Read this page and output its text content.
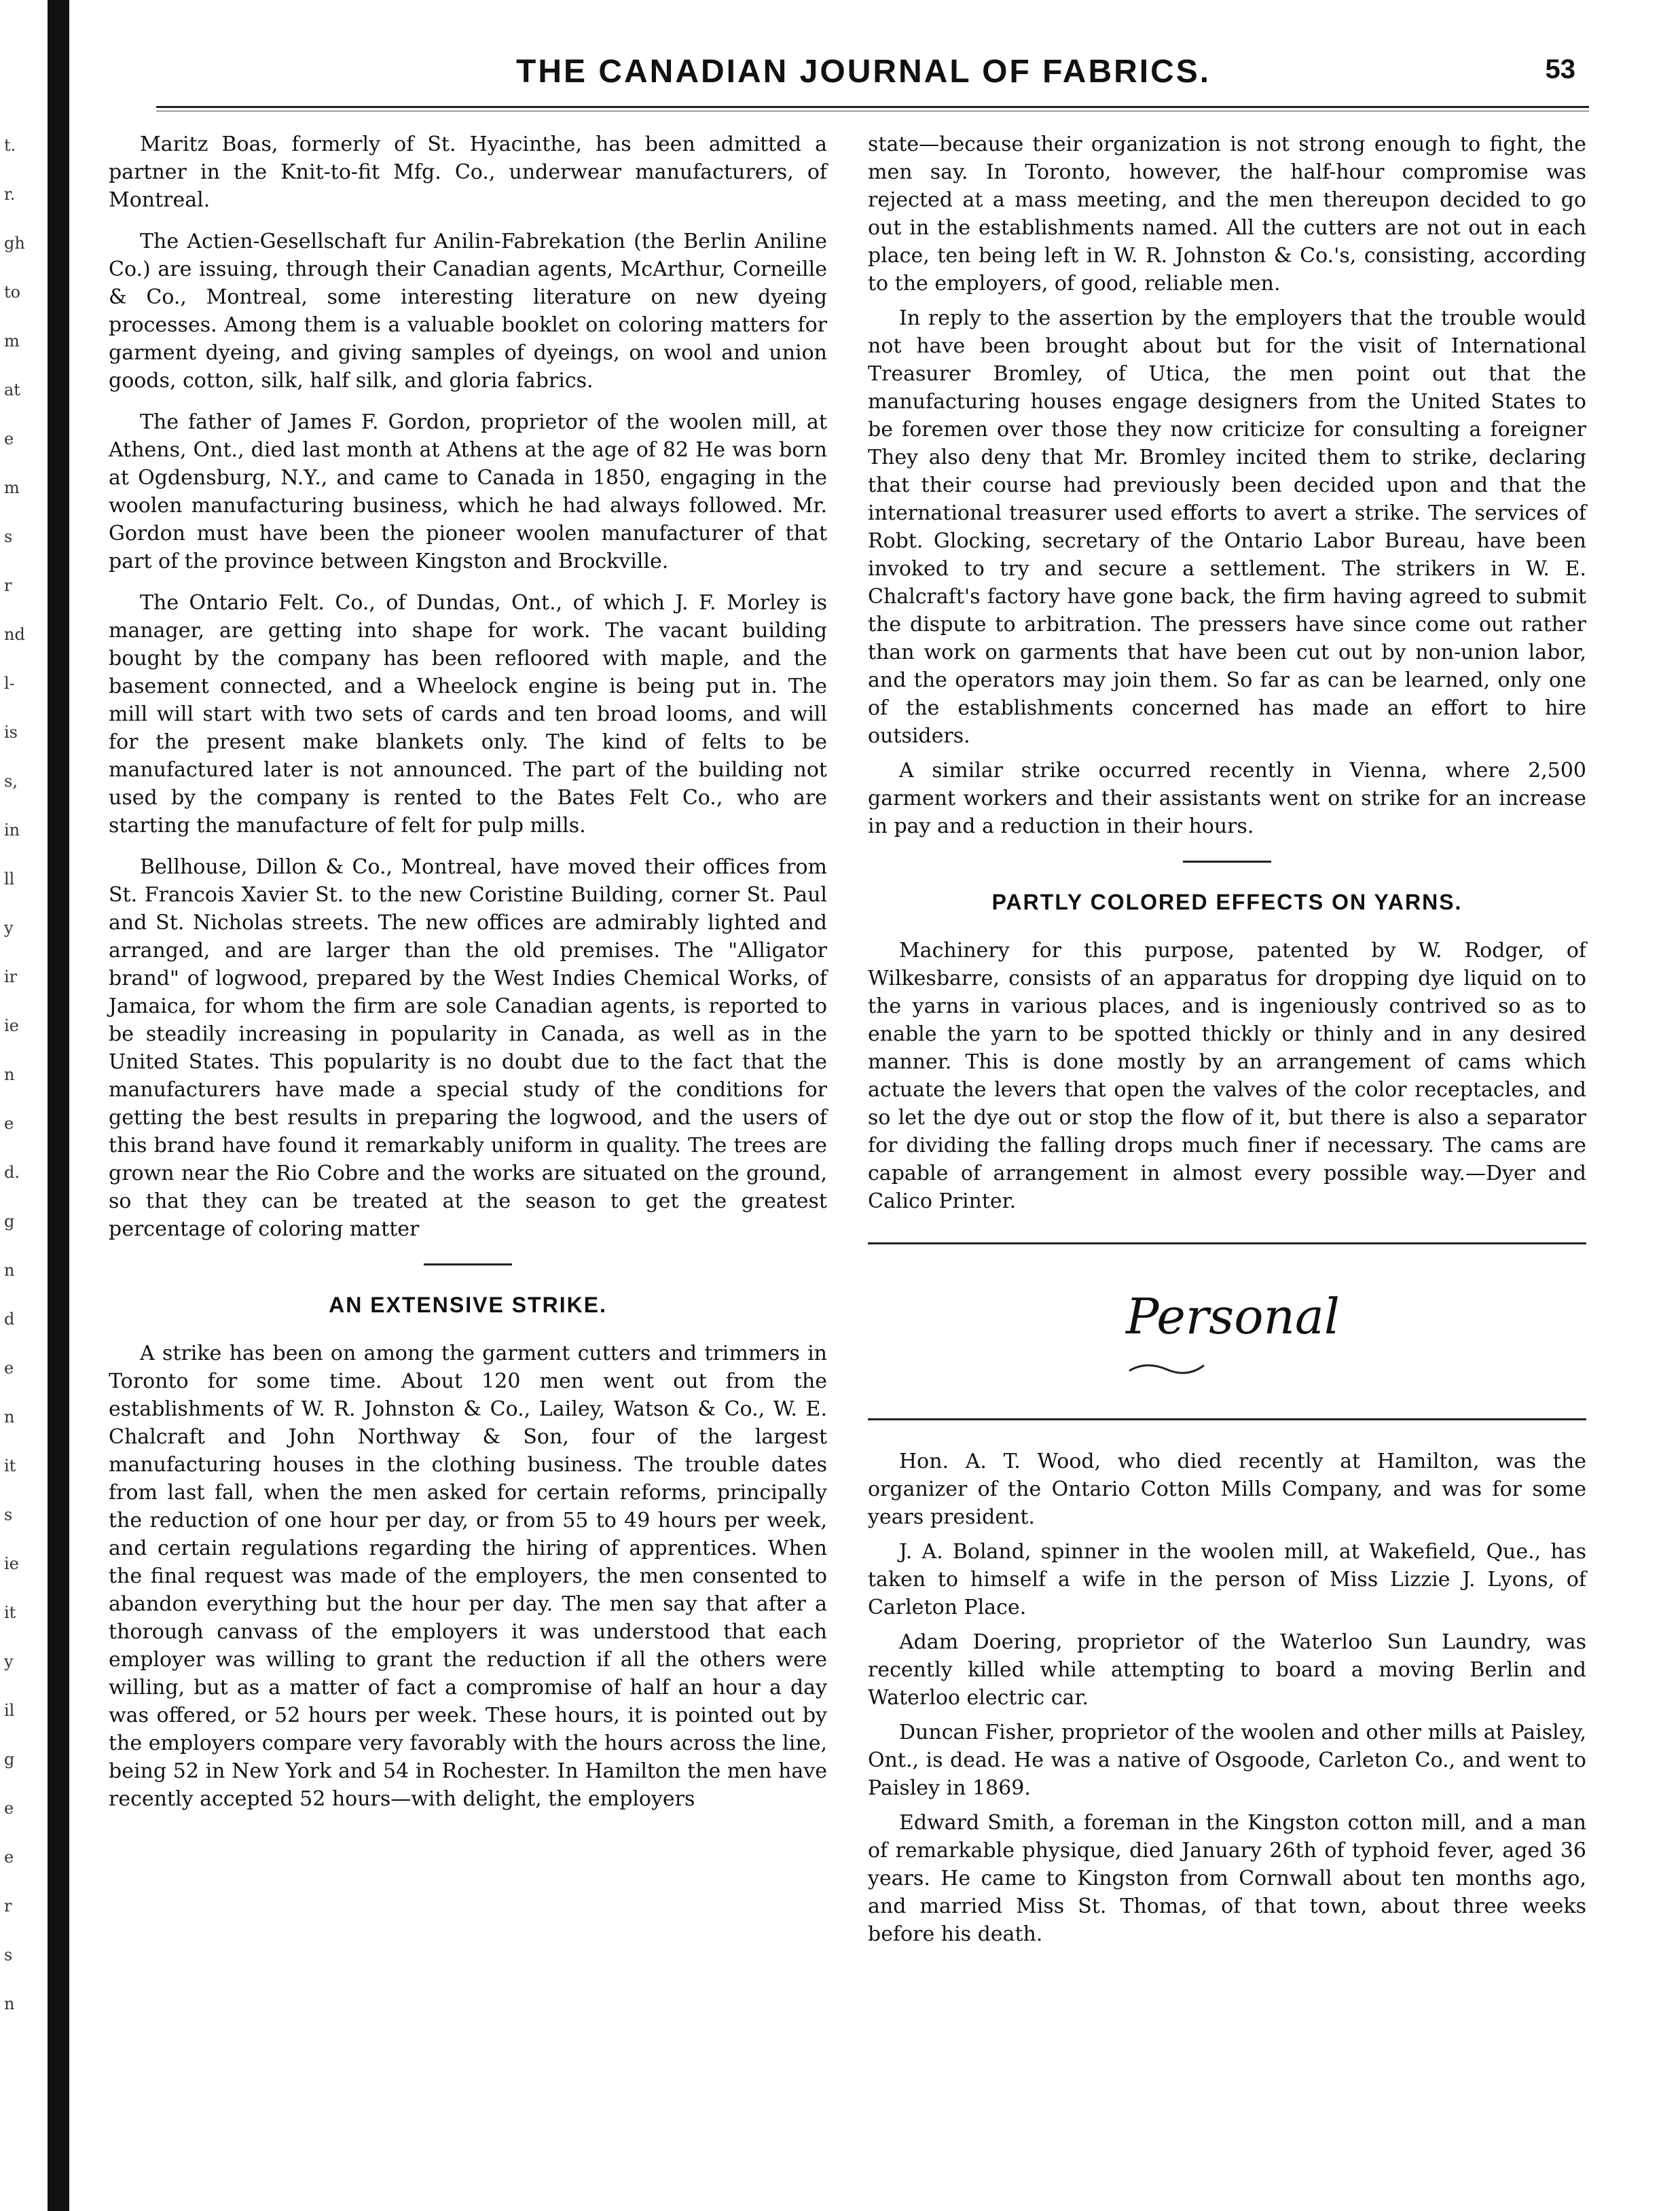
t.
r.
gh
to
m
at
e
m
s
r
nd
l-
is
s,
in
ll
y
ir
ie
n
e
d.
g
n
d
e
n
it
s
ie
it
y
il
g
e
e
r
s
n
THE CANADIAN JOURNAL OF FABRICS.	53

Maritz Boas, formerly of St. Hyacinthe, has been admitted a partner in the Knit-to-fit Mfg. Co., underwear manufacturers, of Montreal.

The Actien-Gesellschaft fur Anilin-Fabrekation (the Berlin Aniline Co.) are issuing, through their Canadian agents, McArthur, Corneille & Co., Montreal, some interesting literature on new dyeing processes. Among them is a valuable booklet on coloring matters for garment dyeing, and giving samples of dyeings, on wool and union goods, cotton, silk, half silk, and gloria fabrics.

The father of James F. Gordon, proprietor of the woolen mill, at Athens, Ont., died last month at Athens at the age of 82 He was born at Ogdensburg, N.Y., and came to Canada in 1850, engaging in the woolen manufacturing business, which he had always followed. Mr. Gordon must have been the pioneer woolen manufacturer of that part of the province between Kingston and Brockville.

The Ontario Felt. Co., of Dundas, Ont., of which J. F. Morley is manager, are getting into shape for work. The vacant building bought by the company has been refloored with maple, and the basement connected, and a Wheelock engine is being put in. The mill will start with two sets of cards and ten broad looms, and will for the present make blankets only. The kind of felts to be manufactured later is not announced. The part of the building not used by the company is rented to the Bates Felt Co., who are starting the manufacture of felt for pulp mills.

Bellhouse, Dillon & Co., Montreal, have moved their offices from St. Francois Xavier St. to the new Coristine Building, corner St. Paul and St. Nicholas streets. The new offices are admirably lighted and arranged, and are larger than the old premises. The "Alligator brand" of logwood, prepared by the West Indies Chemical Works, of Jamaica, for whom the firm are sole Canadian agents, is reported to be steadily increasing in popularity in Canada, as well as in the United States. This popularity is no doubt due to the fact that the manufacturers have made a special study of the conditions for getting the best results in preparing the logwood, and the users of this brand have found it remarkably uniform in quality. The trees are grown near the Rio Cobre and the works are situated on the ground, so that they can be treated at the season to get the greatest percentage of coloring matter

AN EXTENSIVE STRIKE.

A strike has been on among the garment cutters and trimmers in Toronto for some time. About 120 men went out from the establishments of W. R. Johnston & Co., Lailey, Watson & Co., W. E. Chalcraft and John Northway & Son, four of the largest manufacturing houses in the clothing business. The trouble dates from last fall, when the men asked for certain reforms, principally the reduction of one hour per day, or from 55 to 49 hours per week, and certain regulations regarding the hiring of apprentices. When the final request was made of the employers, the men consented to abandon everything but the hour per day. The men say that after a thorough canvass of the employers it was understood that each employer was willing to grant the reduction if all the others were willing, but as a matter of fact a compromise of half an hour a day was offered, or 52 hours per week. These hours, it is pointed out by the employers compare very favorably with the hours across the line, being 52 in New York and 54 in Rochester. In Hamilton the men have recently accepted 52 hours—with delight, the employers

state—because their organization is not strong enough to fight, the men say. In Toronto, however, the half-hour compromise was rejected at a mass meeting, and the men thereupon decided to go out in the establishments named. All the cutters are not out in each place, ten being left in W. R. Johnston & Co.'s, consisting, according to the employers, of good, reliable men.

In reply to the assertion by the employers that the trouble would not have been brought about but for the visit of International Treasurer Bromley, of Utica, the men point out that the manufacturing houses engage designers from the United States to be foremen over those they now criticize for consulting a foreigner They also deny that Mr. Bromley incited them to strike, declaring that their course had previously been decided upon and that the international treasurer used efforts to avert a strike. The services of Robt. Glocking, secretary of the Ontario Labor Bureau, have been invoked to try and secure a settlement. The strikers in W. E. Chalcraft's factory have gone back, the firm having agreed to submit the dispute to arbitration. The pressers have since come out rather than work on garments that have been cut out by non-union labor, and the operators may join them. So far as can be learned, only one of the establishments concerned has made an effort to hire outsiders.

A similar strike occurred recently in Vienna, where 2,500 garment workers and their assistants went on strike for an increase in pay and a reduction in their hours.

PARTLY COLORED EFFECTS ON YARNS.

Machinery for this purpose, patented by W. Rodger, of Wilkesbarre, consists of an apparatus for dropping dye liquid on to the yarns in various places, and is ingeniously contrived so as to enable the yarn to be spotted thickly or thinly and in any desired manner. This is done mostly by an arrangement of cams which actuate the levers that open the valves of the color receptacles, and so let the dye out or stop the flow of it, but there is also a separator for dividing the falling drops much finer if necessary. The cams are capable of arrangement in almost every possible way.—Dyer and Calico Printer.

Personal

Hon. A. T. Wood, who died recently at Hamilton, was the organizer of the Ontario Cotton Mills Company, and was for some years president.

J. A. Boland, spinner in the woolen mill, at Wakefield, Que., has taken to himself a wife in the person of Miss Lizzie J. Lyons, of Carleton Place.

Adam Doering, proprietor of the Waterloo Sun Laundry, was recently killed while attempting to board a moving Berlin and Waterloo electric car.

Duncan Fisher, proprietor of the woolen and other mills at Paisley, Ont., is dead. He was a native of Osgoode, Carleton Co., and went to Paisley in 1869.

Edward Smith, a foreman in the Kingston cotton mill, and a man of remarkable physique, died January 26th of typhoid fever, aged 36 years. He came to Kingston from Cornwall about ten months ago, and married Miss St. Thomas, of that town, about three weeks before his death.
